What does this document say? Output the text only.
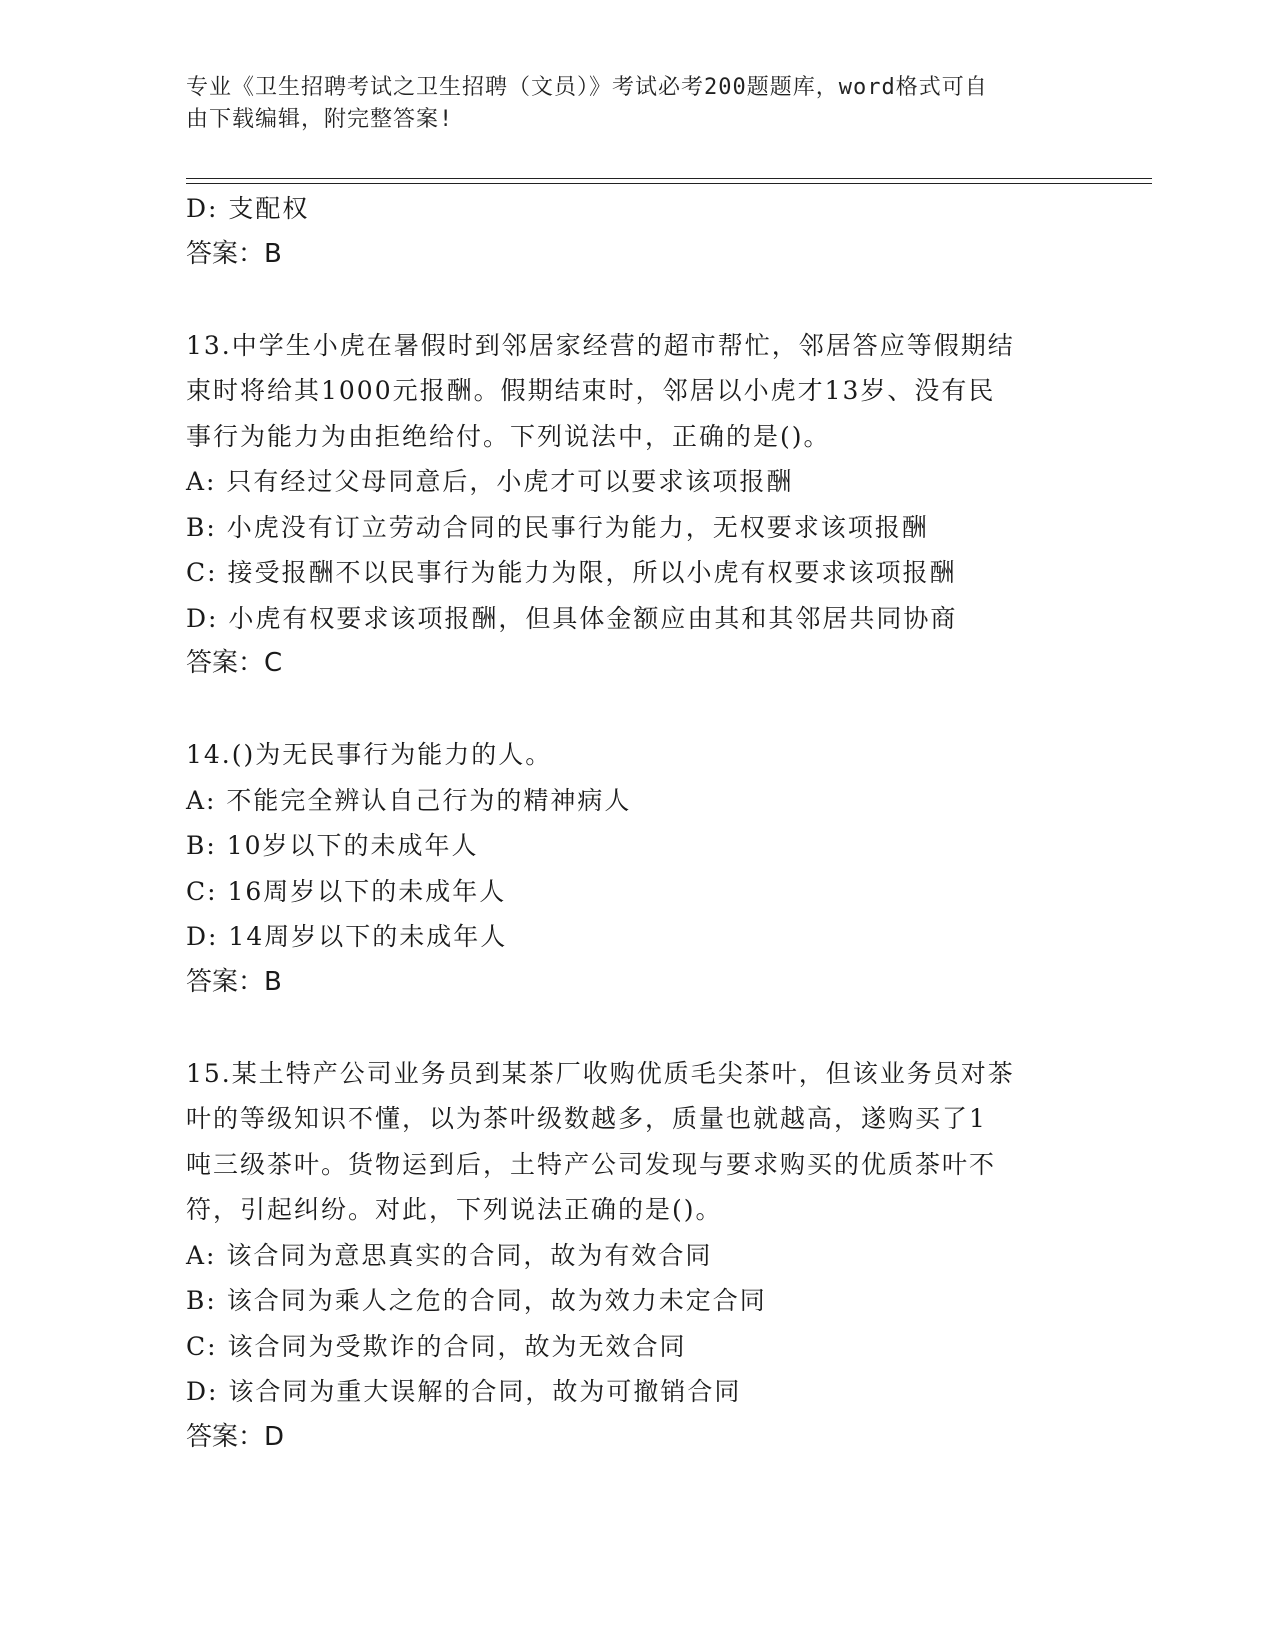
专业《卫生招聘考试之卫生招聘（文员）》考试必考200题题库，word格式可自
由下载编辑，附完整答案!
D: 支配权
答案：B
13.中学生小虎在暑假时到邻居家经营的超市帮忙，邻居答应等假期结
束时将给其1000元报酬。假期结束时，邻居以小虎才13岁、没有民
事行为能力为由拒绝给付。下列说法中，正确的是()。
A: 只有经过父母同意后，小虎才可以要求该项报酬
B: 小虎没有订立劳动合同的民事行为能力，无权要求该项报酬
C: 接受报酬不以民事行为能力为限，所以小虎有权要求该项报酬
D: 小虎有权要求该项报酬，但具体金额应由其和其邻居共同协商
答案：C
14.()为无民事行为能力的人。
A: 不能完全辨认自己行为的精神病人
B: 10岁以下的未成年人
C: 16周岁以下的未成年人
D: 14周岁以下的未成年人
答案：B
15.某土特产公司业务员到某茶厂收购优质毛尖茶叶，但该业务员对茶
叶的等级知识不懂，以为茶叶级数越多，质量也就越高，遂购买了1
吨三级茶叶。货物运到后，土特产公司发现与要求购买的优质茶叶不
符，引起纠纷。对此，下列说法正确的是()。
A: 该合同为意思真实的合同，故为有效合同
B: 该合同为乘人之危的合同，故为效力未定合同
C: 该合同为受欺诈的合同，故为无效合同
D: 该合同为重大误解的合同，故为可撤销合同
答案：D
